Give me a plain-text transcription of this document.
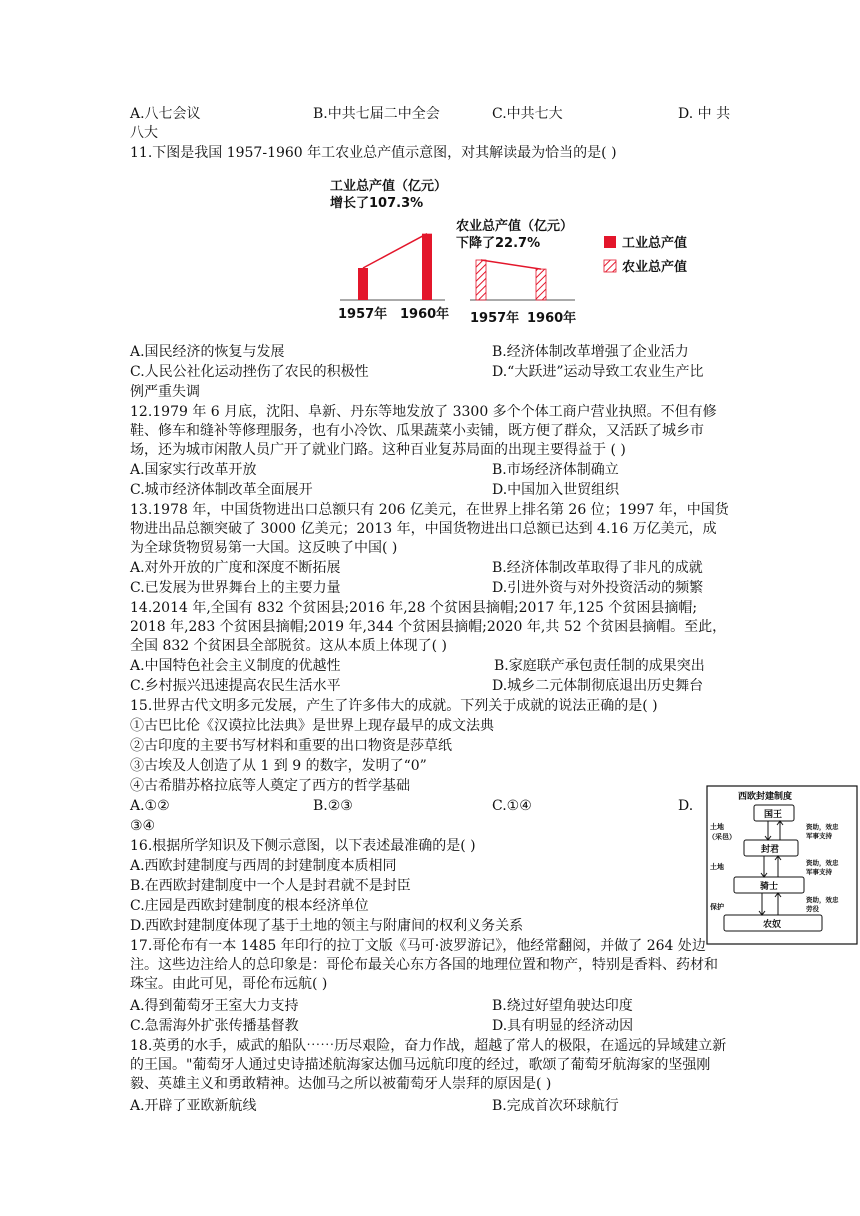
A.八七会议	B.中共七届二中全会	C.中共七大	D. 中 共
八大
11.下图是我国 1957-1960 年工农业总产值示意图，对其解读最为恰当的是( )
A.国民经济的恢复与发展	B.经济体制改革增强了企业活力
C.人民公社化运动挫伤了农民的积极性	D.“大跃进”运动导致工农业生产比
例严重失调
12.1979 年 6 月底，沈阳、阜新、丹东等地发放了 3300 多个个体工商户营业执照。不但有修鞋、修车和缝补等修理服务，也有小冷饮、瓜果蔬菜小卖铺，既方便了群众，又活跃了城乡市场，还为城市闲散人员广开了就业门路。这种百业复苏局面的出现主要得益于 ( )
A.国家实行改革开放	B.市场经济体制确立
C.城市经济体制改革全面展开	D.中国加入世贸组织
13.1978 年，中国货物进出口总额只有 206 亿美元，在世界上排名第 26 位；1997 年，中国货物进出品总额突破了 3000 亿美元；2013 年，中国货物进出口总额已达到 4.16 万亿美元，成为全球货物贸易第一大国。这反映了中国( )
A.对外开放的广度和深度不断拓展	B.经济体制改革取得了非凡的成就
C.已发展为世界舞台上的主要力量	D.引进外资与对外投资活动的频繁
14.2014 年,全国有 832 个贫困县;2016 年,28 个贫困县摘帽;2017 年,125 个贫困县摘帽; 2018 年,283 个贫困县摘帽;2019 年,344 个贫困县摘帽;2020 年,共 52 个贫困县摘帽。至此，全国 832 个贫困县全部脱贫。这从本质上体现了( )
A.中国特色社会主义制度的优越性	B.家庭联产承包责任制的成果突出
C.乡村振兴迅速提高农民生活水平	D.城乡二元体制彻底退出历史舞台
15.世界古代文明多元发展，产生了许多伟大的成就。下列关于成就的说法正确的是( )
①古巴比伦《汉谟拉比法典》是世界上现存最早的成文法典
②古印度的主要书写材料和重要的出口物资是莎草纸
③古埃及人创造了从 1 到 9 的数字，发明了“0”
④古希腊苏格拉底等人奠定了西方的哲学基础
A.①②	B.②③	C.①④	D.
③④
16.根据所学知识及下侧示意图，以下表述最准确的是( )
A.西欧封建制度与西周的封建制度本质相同
B.在西欧封建制度中一个人是封君就不是封臣
C.庄园是西欧封建制度的根本经济单位
D.西欧封建制度体现了基于土地的领主与附庸间的权利义务关系
17.哥伦布有一本 1485 年印行的拉丁文版《马可·波罗游记》，他经常翻阅，并做了 264 处边注。这些边注给人的总印象是：哥伦布最关心东方各国的地理位置和物产，特别是香料、药材和珠宝。由此可见，哥伦布远航( )
A.得到葡萄牙王室大力支持	B.绕过好望角驶达印度
C.急需海外扩张传播基督教	D.具有明显的经济动因
18.英勇的水手，威武的船队⋯⋯历尽艰险，奋力作战，超越了常人的极限，在遥远的异域建立新的王国。"葡萄牙人通过史诗描述航海家达伽马远航印度的经过，歌颂了葡萄牙航海家的坚强刚毅、英雄主义和勇敢精神。达伽马之所以被葡萄牙人崇拜的原因是( )
A.开辟了亚欧新航线	B.完成首次环球航行
工业总产值（亿元）
增长了107.3%
农业总产值（亿元）
下降了22.7%
1957年 1960年 1957年 1960年
工业总产值
农业总产值
西欧封建制度
国王
封君
骑士
农奴
土地
（采邑）
土地
保护
资助，效忠
军事支持
资助，效忠
军事支持
资助，效忠
劳役
